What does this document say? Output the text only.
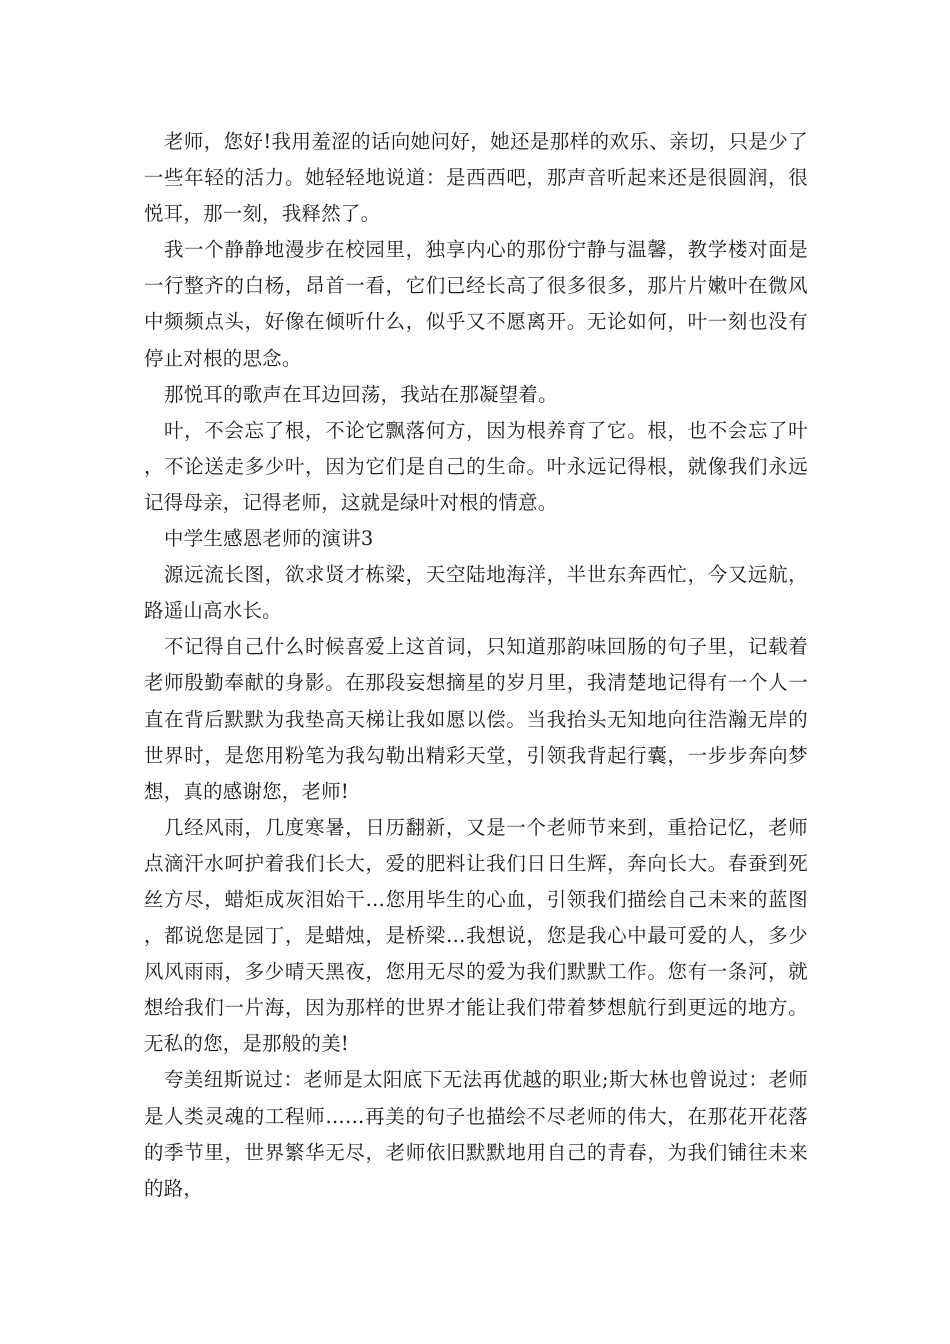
老师，您好!我用羞涩的话向她问好，她还是那样的欢乐、亲切，只是少了一些年轻的活力。她轻轻地说道：是西西吧，那声音听起来还是很圆润，很悦耳，那一刻，我释然了。

我一个静静地漫步在校园里，独享内心的那份宁静与温馨，教学楼对面是一行整齐的白杨，昂首一看，它们已经长高了很多很多，那片片嫩叶在微风中频频点头，好像在倾听什么，似乎又不愿离开。无论如何，叶一刻也没有停止对根的思念。

那悦耳的歌声在耳边回荡，我站在那凝望着。

叶，不会忘了根，不论它飘落何方，因为根养育了它。根，也不会忘了叶，不论送走多少叶，因为它们是自己的生命。叶永远记得根，就像我们永远记得母亲，记得老师，这就是绿叶对根的情意。

中学生感恩老师的演讲3

源远流长图，欲求贤才栋梁，天空陆地海洋，半世东奔西忙，今又远航，路遥山高水长。

不记得自己什么时候喜爱上这首词，只知道那韵味回肠的句子里，记载着老师殷勤奉献的身影。在那段妄想摘星的岁月里，我清楚地记得有一个人一直在背后默默为我垫高天梯让我如愿以偿。当我抬头无知地向往浩瀚无岸的世界时，是您用粉笔为我勾勒出精彩天堂，引领我背起行囊，一步步奔向梦想，真的感谢您，老师!

几经风雨，几度寒暑，日历翻新，又是一个老师节来到，重拾记忆，老师点滴汗水呵护着我们长大，爱的肥料让我们日日生辉，奔向长大。春蚕到死丝方尽，蜡炬成灰泪始干…您用毕生的心血，引领我们描绘自己未来的蓝图，都说您是园丁，是蜡烛，是桥梁…我想说，您是我心中最可爱的人，多少风风雨雨，多少晴天黑夜，您用无尽的爱为我们默默工作。您有一条河，就想给我们一片海，因为那样的世界才能让我们带着梦想航行到更远的地方。无私的您，是那般的美!

夸美纽斯说过：老师是太阳底下无法再优越的职业;斯大林也曾说过：老师是人类灵魂的工程师……再美的句子也描绘不尽老师的伟大，在那花开花落的季节里，世界繁华无尽，老师依旧默默地用自己的青春，为我们铺往未来的路，
